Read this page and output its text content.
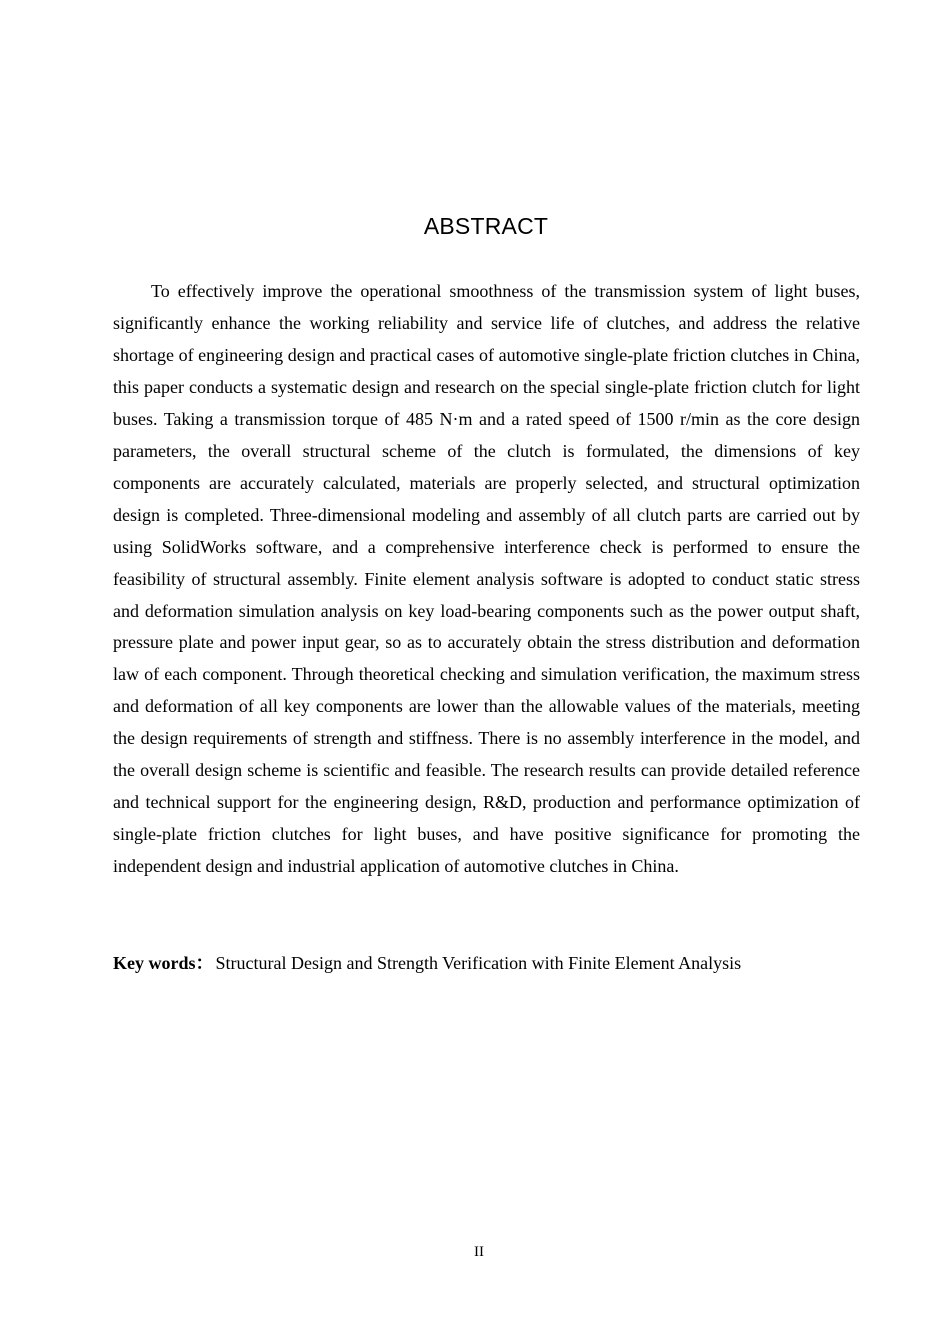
ABSTRACT

To effectively improve the operational smoothness of the transmission system of light buses, significantly enhance the working reliability and service life of clutches, and address the relative shortage of engineering design and practical cases of automotive single-plate friction clutches in China, this paper conducts a systematic design and research on the special single-plate friction clutch for light buses. Taking a transmission torque of 485 N·m and a rated speed of 1500 r/min as the core design parameters, the overall structural scheme of the clutch is formulated, the dimensions of key components are accurately calculated, materials are properly selected, and structural optimization design is completed. Three-dimensional modeling and assembly of all clutch parts are carried out by using SolidWorks software, and a comprehensive interference check is performed to ensure the feasibility of structural assembly. Finite element analysis software is adopted to conduct static stress and deformation simulation analysis on key load-bearing components such as the power output shaft, pressure plate and power input gear, so as to accurately obtain the stress distribution and deformation law of each component. Through theoretical checking and simulation verification, the maximum stress and deformation of all key components are lower than the allowable values of the materials, meeting the design requirements of strength and stiffness. There is no assembly interference in the model, and the overall design scheme is scientific and feasible. The research results can provide detailed reference and technical support for the engineering design, R&D, production and performance optimization of single-plate friction clutches for light buses, and have positive significance for promoting the independent design and industrial application of automotive clutches in China.

Key words： Structural Design and Strength Verification with Finite Element Analysis
II
